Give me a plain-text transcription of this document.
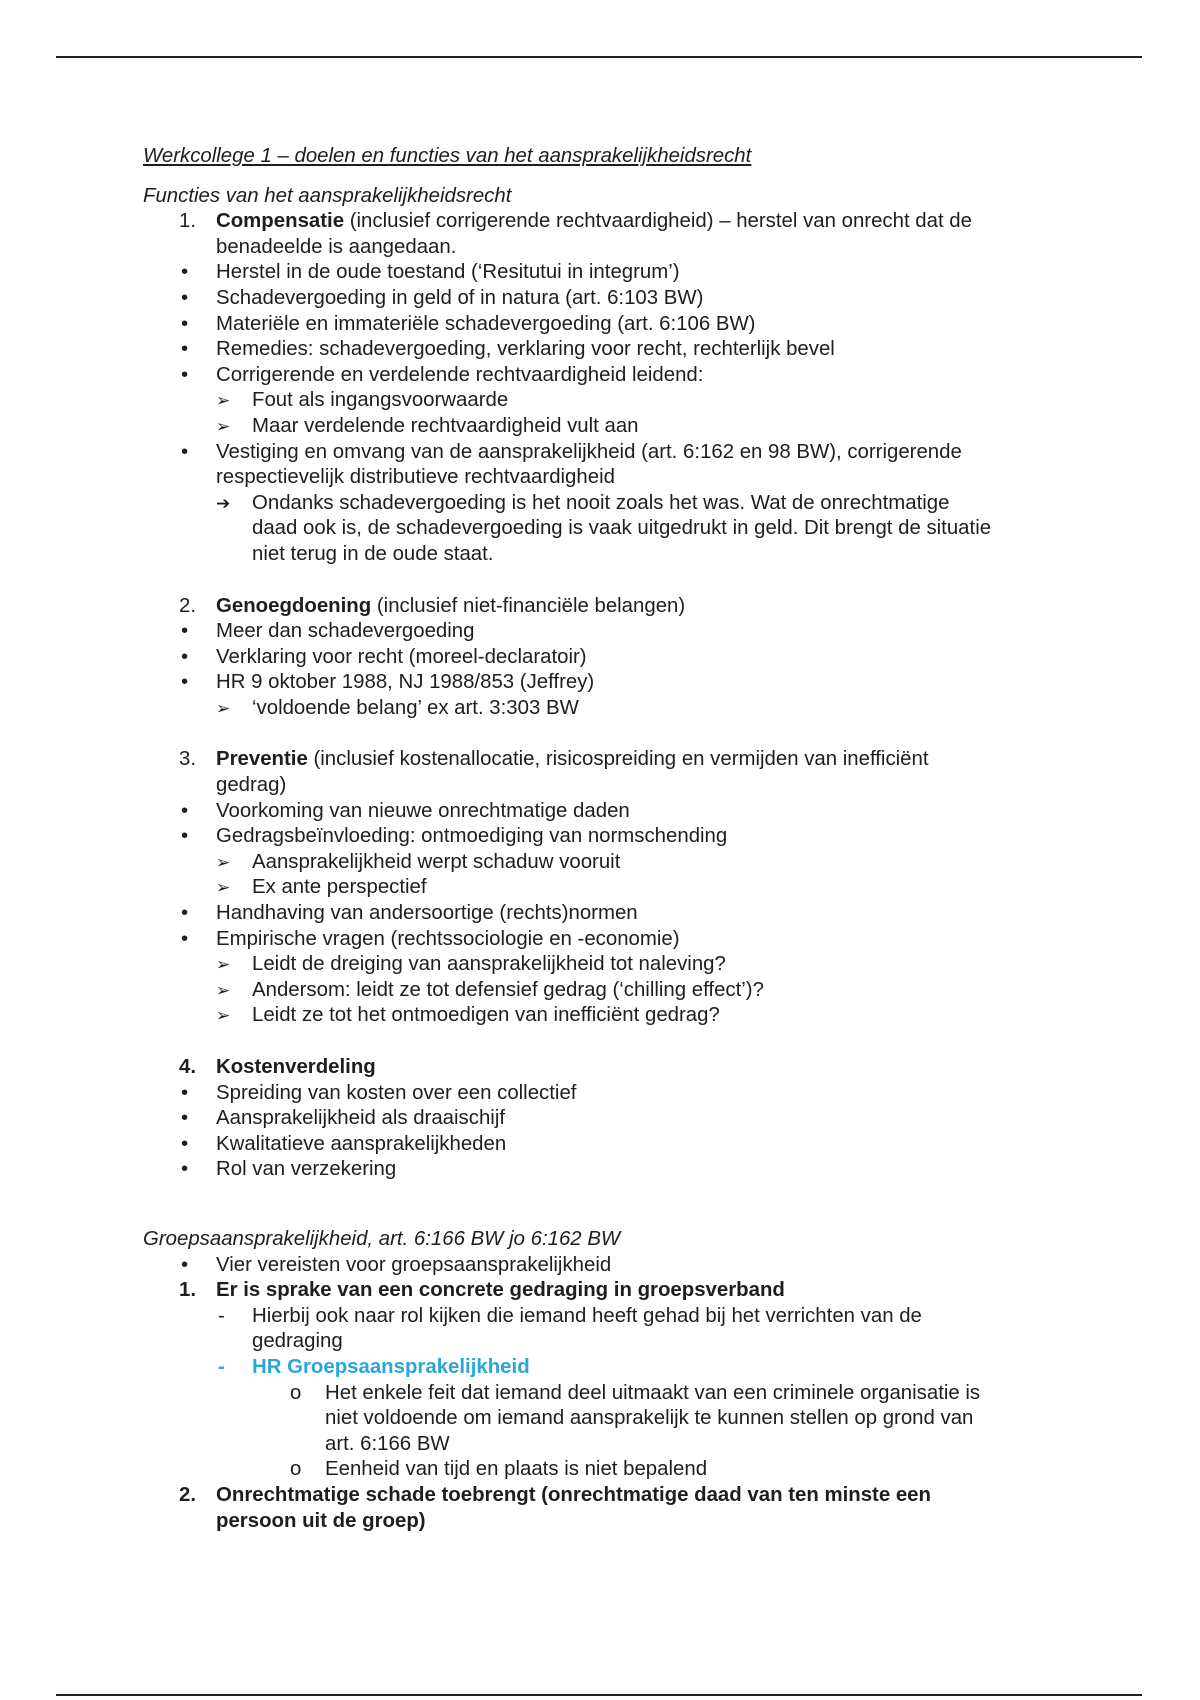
Werkcollege 1 – doelen en functies van het aansprakelijkheidsrecht
Functies van het aansprakelijkheidsrecht
1. Compensatie (inclusief corrigerende rechtvaardigheid) – herstel van onrecht dat de
benadeelde is aangedaan.
• Herstel in de oude toestand (‘Resitutui in integrum’)
• Schadevergoeding in geld of in natura (art. 6:103 BW)
• Materiële en immateriële schadevergoeding (art. 6:106 BW)
• Remedies: schadevergoeding, verklaring voor recht, rechterlijk bevel
• Corrigerende en verdelende rechtvaardigheid leidend:
➢ Fout als ingangsvoorwaarde
➢ Maar verdelende rechtvaardigheid vult aan
• Vestiging en omvang van de aansprakelijkheid (art. 6:162 en 98 BW), corrigerende
respectievelijk distributieve rechtvaardigheid
➔ Ondanks schadevergoeding is het nooit zoals het was. Wat de onrechtmatige
daad ook is, de schadevergoeding is vaak uitgedrukt in geld. Dit brengt de situatie
niet terug in de oude staat.
2. Genoegdoening (inclusief niet-financiële belangen)
• Meer dan schadevergoeding
• Verklaring voor recht (moreel-declaratoir)
• HR 9 oktober 1988, NJ 1988/853 (Jeffrey)
➢ ‘voldoende belang’ ex art. 3:303 BW
3. Preventie (inclusief kostenallocatie, risicospreiding en vermijden van inefficiënt
gedrag)
• Voorkoming van nieuwe onrechtmatige daden
• Gedragsbeïnvloeding: ontmoediging van normschending
➢ Aansprakelijkheid werpt schaduw vooruit
➢ Ex ante perspectief
• Handhaving van andersoortige (rechts)normen
• Empirische vragen (rechtssociologie en -economie)
➢ Leidt de dreiging van aansprakelijkheid tot naleving?
➢ Andersom: leidt ze tot defensief gedrag (‘chilling effect’)?
➢ Leidt ze tot het ontmoedigen van inefficiënt gedrag?
4. Kostenverdeling
• Spreiding van kosten over een collectief
• Aansprakelijkheid als draaischijf
• Kwalitatieve aansprakelijkheden
• Rol van verzekering
Groepsaansprakelijkheid, art. 6:166 BW jo 6:162 BW
• Vier vereisten voor groepsaansprakelijkheid
1. Er is sprake van een concrete gedraging in groepsverband
- Hierbij ook naar rol kijken die iemand heeft gehad bij het verrichten van de
gedraging
- HR Groepsaansprakelijkheid
o Het enkele feit dat iemand deel uitmaakt van een criminele organisatie is
niet voldoende om iemand aansprakelijk te kunnen stellen op grond van
art. 6:166 BW
o Eenheid van tijd en plaats is niet bepalend
2. Onrechtmatige schade toebrengt (onrechtmatige daad van ten minste een
persoon uit de groep)
